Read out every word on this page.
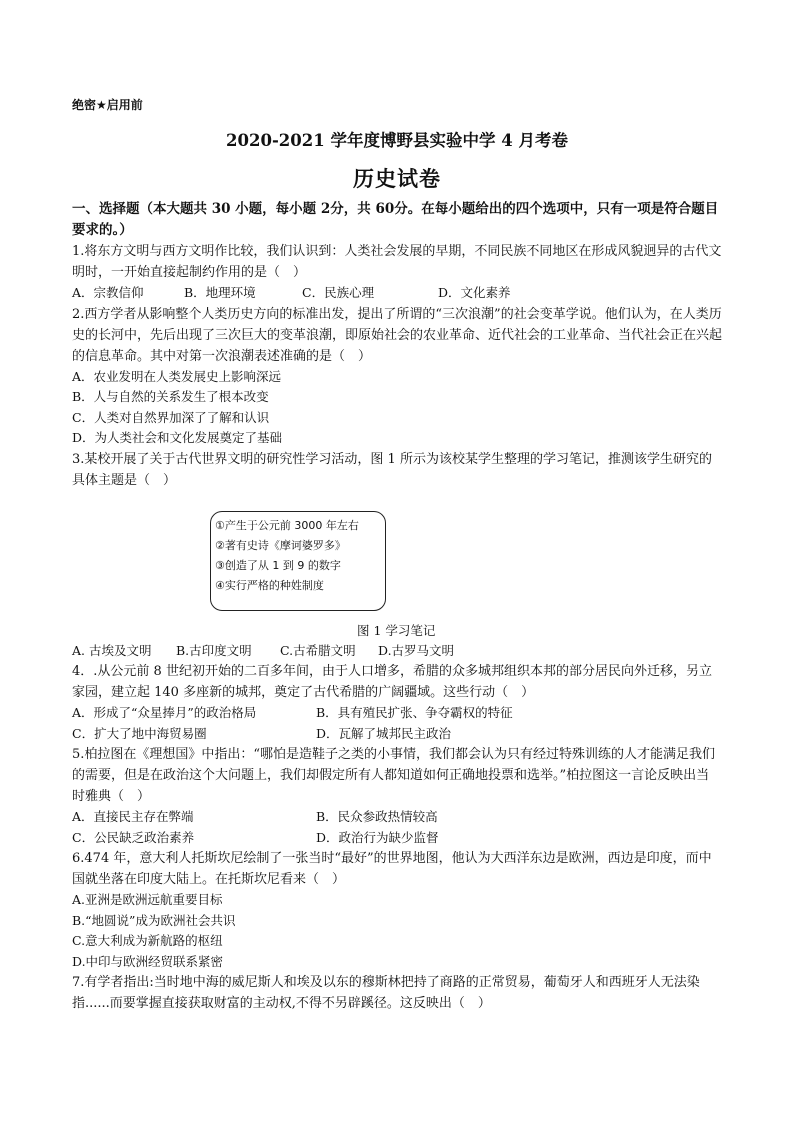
绝密★启用前

2020-2021 学年度博野县实验中学 4 月考卷

历史试卷

一、选择题（本大题共 30 小题，每小题 2分，共 60分。在每小题给出的四个选项中，只有一项是符合题目要求的。）

1.将东方文明与西方文明作比较，我们认识到：人类社会发展的早期，不同民族不同地区在形成风貌迥异的古代文明时，一开始直接起制约作用的是（　）

A．宗教信仰	B．地理环境	C．民族心理	D．文化素养

2.西方学者从影响整个人类历史方向的标准出发，提出了所谓的“三次浪潮”的社会变革学说。他们认为，在人类历史的长河中，先后出现了三次巨大的变革浪潮，即原始社会的农业革命、近代社会的工业革命、当代社会正在兴起的信息革命。其中对第一次浪潮表述准确的是（　）

A．农业发明在人类发展史上影响深远

B．人与自然的关系发生了根本改变

C．人类对自然界加深了了解和认识

D．为人类社会和文化发展奠定了基础

3.某校开展了关于古代世界文明的研究性学习活动，图 1 所示为该校某学生整理的学习笔记，推测该学生研究的具体主题是（　）

①产生于公元前 3000 年左右
②著有史诗《摩诃婆罗多》
③创造了从 1 到 9 的数字
④实行严格的种姓制度
图 1 学习笔记
A. 古埃及文明	B.古印度文明	C.古希腊文明	D.古罗马文明

4．.从公元前 8 世纪初开始的二百多年间，由于人口增多，希腊的众多城邦组织本邦的部分居民向外迁移，另立家园，建立起 140 多座新的城邦，奠定了古代希腊的广阔疆域。这些行动（　）

A．形成了“众星捧月”的政治格局	B．具有殖民扩张、争夺霸权的特征
C．扩大了地中海贸易圈	D．瓦解了城邦民主政治

5.柏拉图在《理想国》中指出：“哪怕是造鞋子之类的小事情，我们都会认为只有经过特殊训练的人才能满足我们的需要，但是在政治这个大问题上，我们却假定所有人都知道如何正确地投票和选举。”柏拉图这一言论反映出当时雅典（　）

A．直接民主存在弊端	B．民众参政热情较高
C．公民缺乏政治素养	D．政治行为缺少监督

6.474 年，意大利人托斯坎尼绘制了一张当时“最好”的世界地图，他认为大西洋东边是欧洲，西边是印度，而中国就坐落在印度大陆上。在托斯坎尼看来（　）

A.亚洲是欧洲远航重要目标

B.“地圆说”成为欧洲社会共识

C.意大利成为新航路的枢纽

D.中印与欧洲经贸联系紧密

7.有学者指出:当时地中海的威尼斯人和埃及以东的穆斯林把持了商路的正常贸易，葡萄牙人和西班牙人无法染指......而要掌握直接获取财富的主动权,不得不另辟蹊径。这反映出（　）
